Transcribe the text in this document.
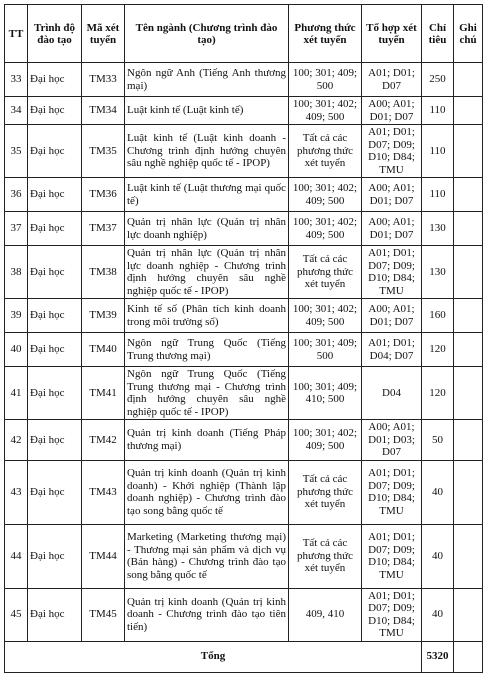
TT	Trình độ đào tạo	Mã xét tuyển	Tên ngành (Chương trình đào tạo)	Phương thức xét tuyển	Tổ hợp xét tuyển	Chỉ tiêu	Ghi chú
33	Đại học	TM33	Ngôn ngữ Anh (Tiếng Anh thương mại)	100; 301; 409; 500	A01; D01; D07	250	
34	Đại học	TM34	Luật kinh tế (Luật kinh tế)	100; 301; 402; 409; 500	A00; A01; D01; D07	110	
35	Đại học	TM35	Luật kinh tế (Luật kinh doanh - Chương trình định hướng chuyên sâu nghề nghiệp quốc tế - IPOP)	Tất cả các phương thức xét tuyển	A01; D01; D07; D09; D10; D84; TMU	110	
36	Đại học	TM36	Luật kinh tế (Luật thương mại quốc tế)	100; 301; 402; 409; 500	A00; A01; D01; D07	110	
37	Đại học	TM37	Quản trị nhân lực (Quản trị nhân lực doanh nghiệp)	100; 301; 402; 409; 500	A00; A01; D01; D07	130	
38	Đại học	TM38	Quản trị nhân lực (Quản trị nhân lực doanh nghiệp - Chương trình định hướng chuyên sâu nghề nghiệp quốc tế - IPOP)	Tất cả các phương thức xét tuyển	A01; D01; D07; D09; D10; D84; TMU	130	
39	Đại học	TM39	Kinh tế số (Phân tích kinh doanh trong môi trường số)	100; 301; 402; 409; 500	A00; A01; D01; D07	160	
40	Đại học	TM40	Ngôn ngữ Trung Quốc (Tiếng Trung thương mại)	100; 301; 409; 500	A01; D01; D04; D07	120	
41	Đại học	TM41	Ngôn ngữ Trung Quốc (Tiếng Trung thương mại - Chương trình định hướng chuyên sâu nghề nghiệp quốc tế - IPOP)	100; 301; 409; 410; 500	D04	120	
42	Đại học	TM42	Quản trị kinh doanh (Tiếng Pháp thương mại)	100; 301; 402; 409; 500	A00; A01; D01; D03; D07	50	
43	Đại học	TM43	Quản trị kinh doanh (Quản trị kinh doanh) - Khởi nghiệp (Thành lập doanh nghiệp) - Chương trình đào tạo song bằng quốc tế	Tất cả các phương thức xét tuyển	A01; D01; D07; D09; D10; D84; TMU	40	
44	Đại học	TM44	Marketing (Marketing thương mại) - Thương mại sản phẩm và dịch vụ (Bán hàng) - Chương trình đào tạo song bằng quốc tế	Tất cả các phương thức xét tuyển	A01; D01; D07; D09; D10; D84; TMU	40	
45	Đại học	TM45	Quản trị kinh doanh (Quản trị kinh doanh - Chương trình đào tạo tiên tiến)	409, 410	A01; D01; D07; D09; D10; D84; TMU	40	
Tổng						5320	
